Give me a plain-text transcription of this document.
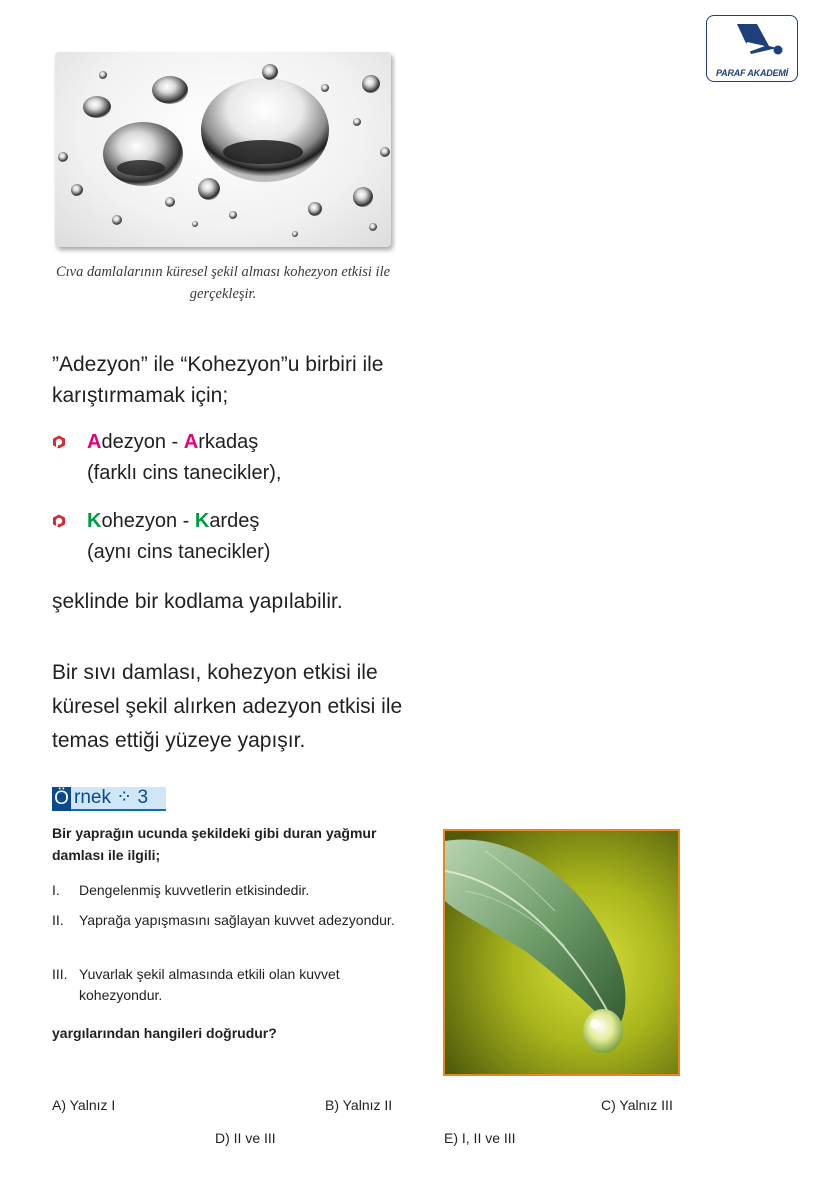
PARAF AKADEMİ
Cıva damlalarının küresel şekil alması kohezyon etkisi ile gerçekleşir.
”Adezyon” ile “Kohezyon”u birbiri ile karıştırmamak için;
Adezyon - Arkadaş
(farklı cins tanecikler),
Kohezyon - Kardeş
(aynı cins tanecikler)
şeklinde bir kodlama yapılabilir.
Bir sıvı damlası, kohezyon etkisi ile küresel şekil alırken adezyon etkisi ile temas ettiği yüzeye yapışır.
Ö rnek ⁘ 3
Bir yaprağın ucunda şekildeki gibi duran yağmur damlası ile ilgili;
I. Dengelenmiş kuvvetlerin etkisindedir.
II. Yaprağa yapışmasını sağlayan kuvvet adezyondur.
III. Yuvarlak şekil almasında etkili olan kuvvet kohezyondur.
yargılarından hangileri doğrudur?
A) Yalnız I	B) Yalnız II	C) Yalnız III
D) II ve III	E) I, II ve III
